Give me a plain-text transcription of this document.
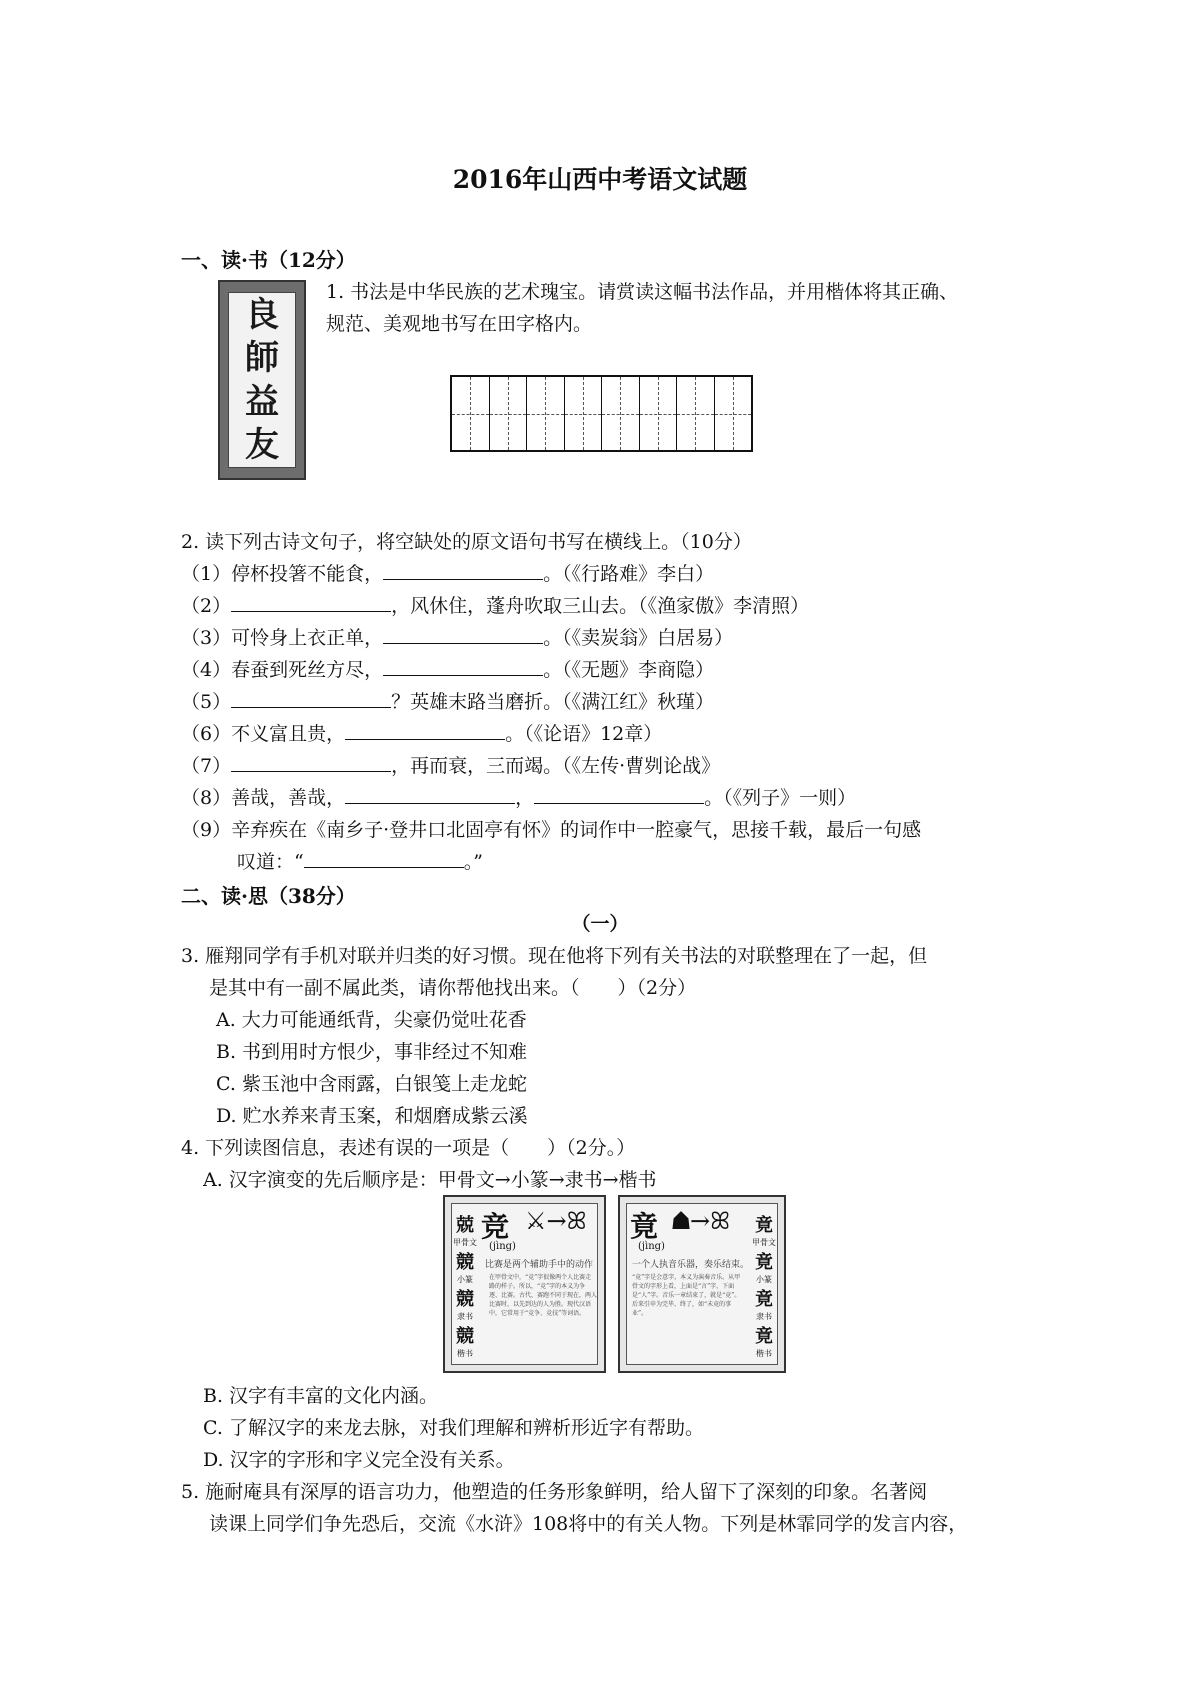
2016年山西中考语文试题
一、读·书（12分）
良
師
益
友
1. 书法是中华民族的艺术瑰宝。请赏读这幅书法作品，并用楷体将其正确、
规范、美观地书写在田字格内。
2. 读下列古诗文句子，将空缺处的原文语句书写在横线上。（10分）
（1）停杯投箸不能食，	。（《行路难》李白）
（2）	，风休住，蓬舟吹取三山去。（《渔家傲》李清照）
（3）可怜身上衣正单，	。（《卖炭翁》白居易）
（4）春蚕到死丝方尽，	。（《无题》李商隐）
（5）	？英雄末路当磨折。（《满江红》秋瑾）
（6）不义富且贵，	。（《论语》12章）
（7）	，再而衰，三而竭。（《左传·曹刿论战》
（8）善哉，善哉，	，	。（《列子》一则）
（9）辛弃疾在《南乡子·登井口北固亭有怀》的词作中一腔豪气，思接千载，最后一句感
叹道：“	。”
二、读·思（38分）
（一）
3. 雁翔同学有手机对联并归类的好习惯。现在他将下列有关书法的对联整理在了一起，但
是其中有一副不属此类，请你帮他找出来。（　　）（2分）
A. 大力可能通纸背，尖豪仍觉吐花香
B. 书到用时方恨少，事非经过不知难
C. 紫玉池中含雨露，白银笺上走龙蛇
D. 贮水养来青玉案，和烟磨成紫云溪
4. 下列读图信息，表述有误的一项是（　　）（2分。）
A. 汉字演变的先后顺序是：甲骨文→小篆→隶书→楷书
竞
(jìng)
比赛是两个辅助手中的动作
⚔→ꕤ
兢
甲骨文
競
小篆
競
隶书
競
楷书
在甲骨文中，“竞”字很像两个人比赛走路的样子。所以，“竞”字的本义为争逐、比赛。古代，赛跑不同于现在，两人比赛时，以先到达的人为胜。现代汉语中，它常用于“竞争、竞技”等词语。
竟
(jìng)
一个人执音乐器，奏乐结束。
☗→ꕤ 竟
甲骨文
竟
小篆
竟
隶书
竟
楷书
“竟”字是会意字，本义为演奏音乐。从甲骨文的字形上看，上面是“言”字，下面是“人”字。音乐一章结束了，就是“竟”。后来引申为完毕、终了，如“未竟的事业”。
B. 汉字有丰富的文化内涵。
C. 了解汉字的来龙去脉，对我们理解和辨析形近字有帮助。
D. 汉字的字形和字义完全没有关系。
5. 施耐庵具有深厚的语言功力，他塑造的任务形象鲜明，给人留下了深刻的印象。名著阅
读课上同学们争先恐后，交流《水浒》108将中的有关人物。下列是林霏同学的发言内容，
